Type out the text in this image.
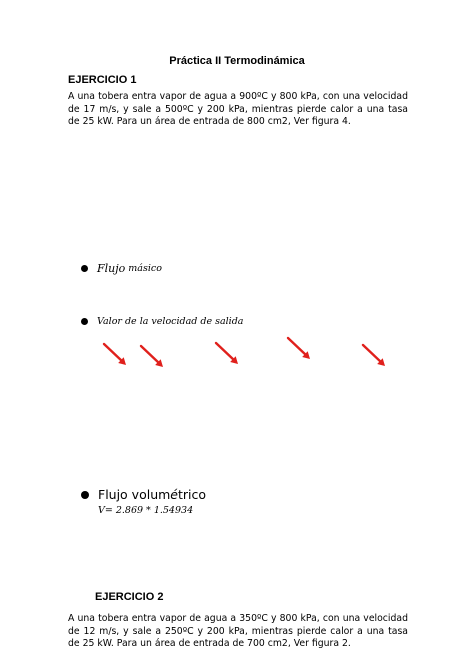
Práctica II Termodinámica
EJERCICIO 1
A una tobera entra vapor de agua a 900ºC y 800 kPa, con una velocidad de 17 m/s, y sale a 500ºC y 200 kPa, mientras pierde calor a una tasa de 25 kW. Para un área de entrada de 800 cm2, Ver figura 4.
Flujo másico
Valor de la velocidad de salida
Flujo volum é trico
V= 2.869 * 1.54934
EJERCICIO 2
A una tobera entra vapor de agua a 350ºC y 800 kPa, con una velocidad de 12 m/s, y sale a 250ºC y 200 kPa, mientras pierde calor a una tasa de 25 kW. Para un área de entrada de 700 cm2, Ver figura 2.
